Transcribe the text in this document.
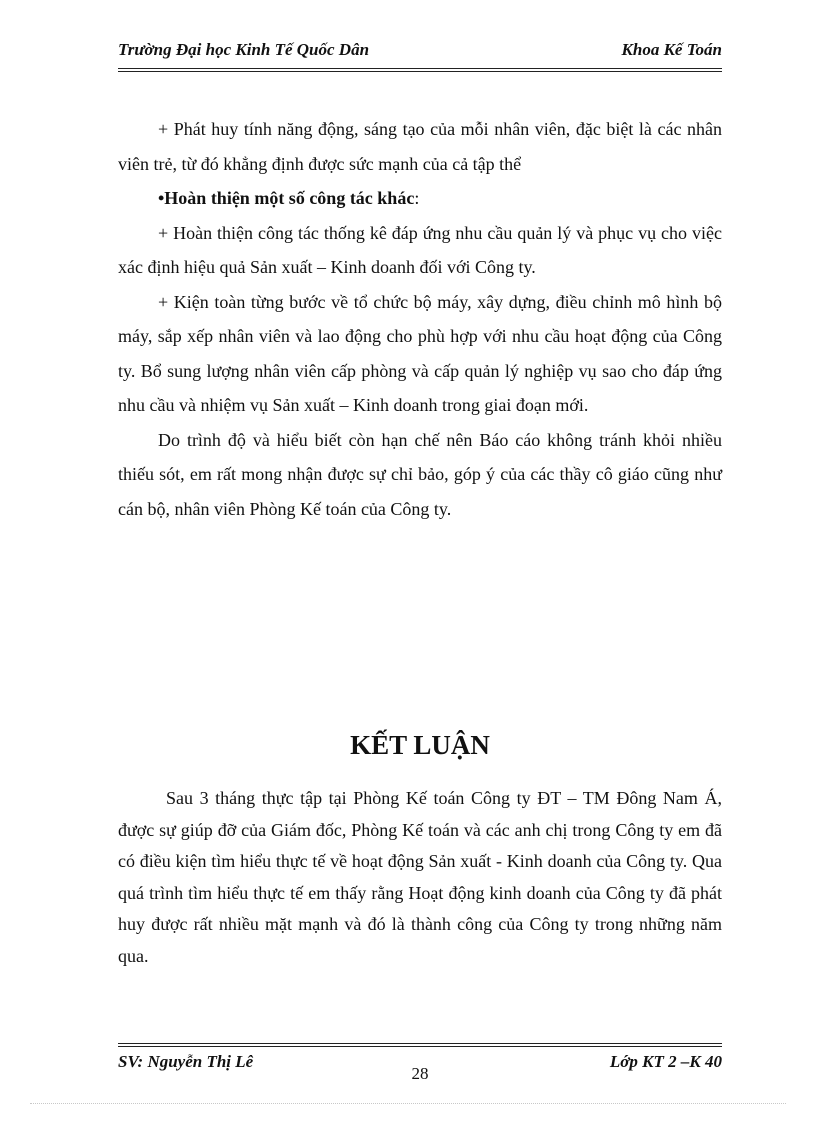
Trường Đại học Kinh Tế Quốc Dân	Khoa Kế Toán

+ Phát huy tính năng động, sáng tạo của mỗi nhân viên, đặc biệt là các nhân viên trẻ, từ đó khẳng định được sức mạnh của cả tập thể

•Hoàn thiện một số công tác khác:

+ Hoàn thiện công tác thống kê đáp ứng nhu cầu quản lý và phục vụ cho việc xác định hiệu quả Sản xuất – Kinh doanh đối với Công ty.

+ Kiện toàn từng bước về tổ chức bộ máy, xây dựng, điều chỉnh mô hình bộ máy, sắp xếp nhân viên và lao động cho phù hợp với nhu cầu hoạt động của Công ty. Bổ sung lượng nhân viên cấp phòng và cấp quản lý nghiệp vụ sao cho đáp ứng nhu cầu và nhiệm vụ Sản xuất – Kinh doanh trong giai đoạn mới.

Do trình độ và hiểu biết còn hạn chế nên Báo cáo không tránh khỏi nhiều thiếu sót, em rất mong nhận được sự chỉ bảo, góp ý của các thầy cô giáo cũng như cán bộ, nhân viên Phòng Kế toán của Công ty.

KẾT LUẬN

Sau 3 tháng thực tập tại Phòng Kế toán Công ty ĐT – TM Đông Nam Á, được sự giúp đỡ của Giám đốc, Phòng Kế toán và các anh chị trong Công ty em đã có điều kiện tìm hiểu thực tế về hoạt động Sản xuất - Kinh doanh của Công ty. Qua quá trình tìm hiểu thực tế em thấy rằng Hoạt động kinh doanh của Công ty đã phát huy được rất nhiều mặt mạnh và đó là thành công của Công ty trong những năm qua.

SV: Nguyễn Thị Lê
28
Lớp KT 2 –K 40
